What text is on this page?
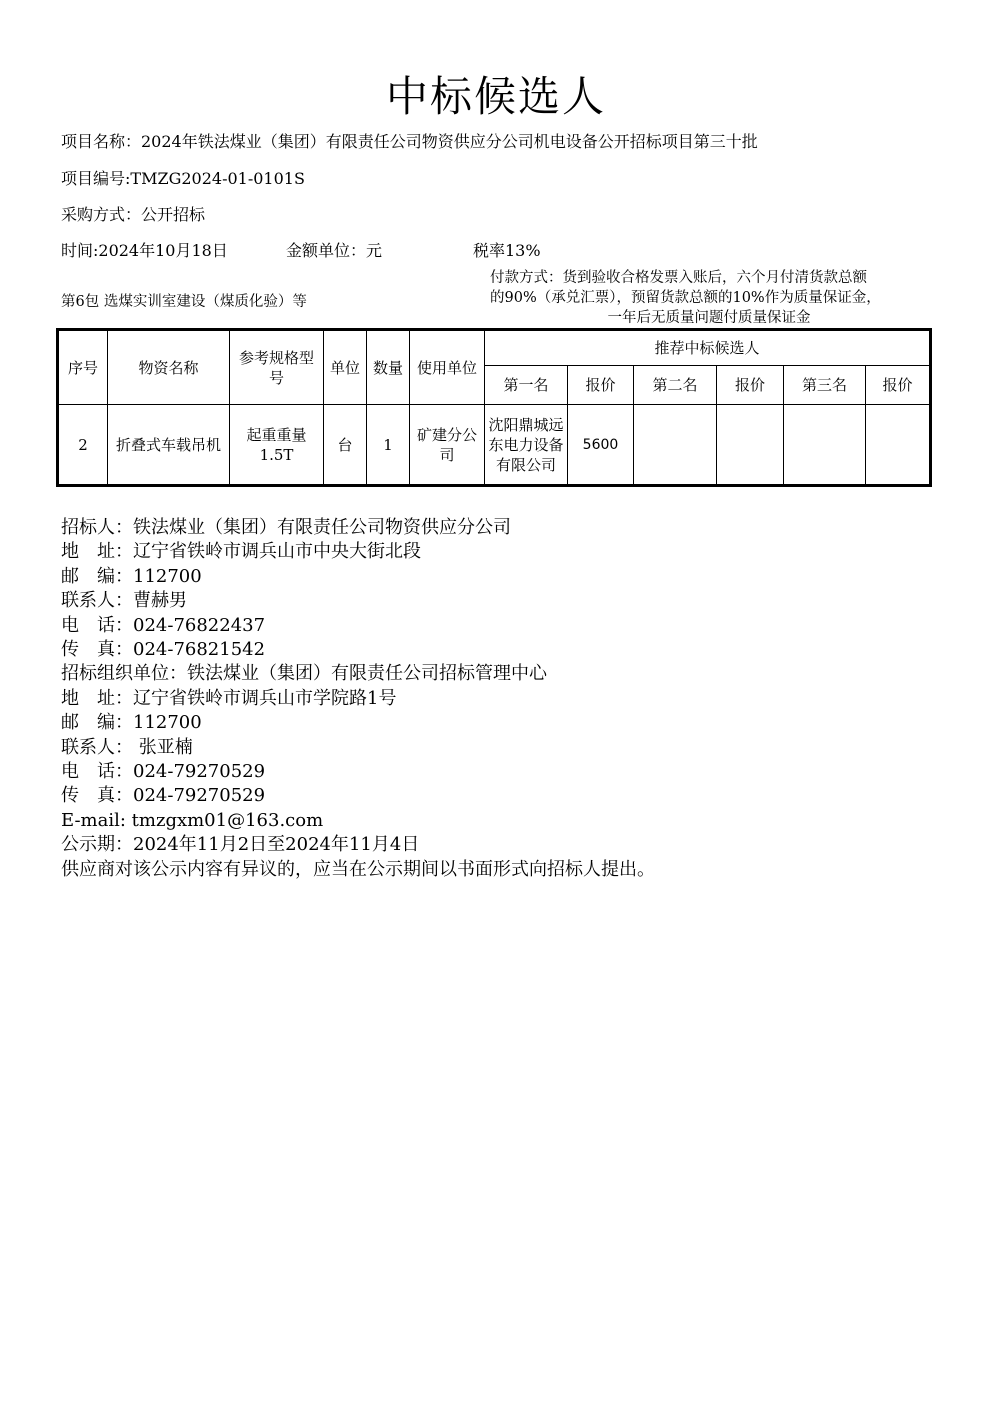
中标候选人
项目名称：2024年铁法煤业（集团）有限责任公司物资供应分公司机电设备公开招标项目第三十批
项目编号:TMZG2024-01-0101S
采购方式：公开招标
时间:2024年10月18日	金额单位：元	税率13%
第6包 选煤实训室建设（煤质化验）等
付款方式：货到验收合格发票入账后，六个月付清货款总额
的90%（承兑汇票），预留货款总额的10%作为质量保证金，
一年后无质量问题付质量保证金
序号	物资名称	参考规格型号	单位	数量	使用单位	推荐中标候选人					
						第一名	报价	第二名	报价	第三名	报价
2	折叠式车载吊机	起重重量1.5T	台	1	矿建分公司	沈阳鼎城远东电力设备有限公司	5600				
招标人：铁法煤业（集团）有限责任公司物资供应分公司
地　址：辽宁省铁岭市调兵山市中央大街北段
邮　编：112700
联系人：曹赫男
电　话：024-76822437
传　真：024-76821542
招标组织单位：铁法煤业（集团）有限责任公司招标管理中心
地　址：辽宁省铁岭市调兵山市学院路1号
邮　编：112700
联系人： 张亚楠
电　话：024-79270529
传　真：024-79270529
E-mail: tmzgxm01@163.com
公示期：2024年11月2日至2024年11月4日
供应商对该公示内容有异议的，应当在公示期间以书面形式向招标人提出。
